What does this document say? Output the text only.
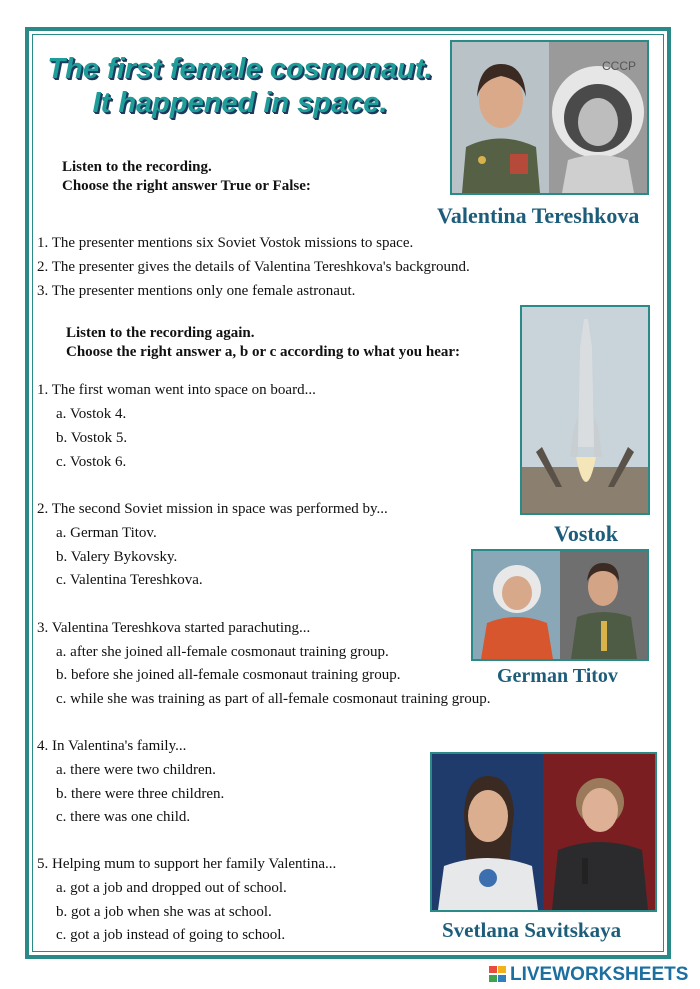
The first female cosmonaut.
It happened in space.
CCCP
Valentina Tereshkova
Vostok
German Titov
Svetlana Savitskaya
Listen to the recording.
Choose the right answer True or False:
1. The presenter mentions six Soviet Vostok missions to space.
2. The presenter gives the details of Valentina Tereshkova's background.
3. The presenter mentions only one female astronaut.
Listen to the recording again.
Choose the right answer a, b or c according to what you hear:
1. The first woman went into space on board...
a. Vostok 4.
b. Vostok 5.
c. Vostok 6.
2. The second Soviet mission in space was performed by...
a. German Titov.
b. Valery Bykovsky.
c. Valentina Tereshkova.
3. Valentina Tereshkova started parachuting...
a. after she joined all-female cosmonaut training group.
b. before she joined all-female cosmonaut training group.
c. while she was training as part of all-female cosmonaut training group.
4. In Valentina's family...
a. there were two children.
b. there were three children.
c. there was one child.
5. Helping mum to support her family Valentina...
a. got a job and dropped out of school.
b. got a job when she was at school.
c. got a job instead of going to school.
LIVEWORKSHEETS
